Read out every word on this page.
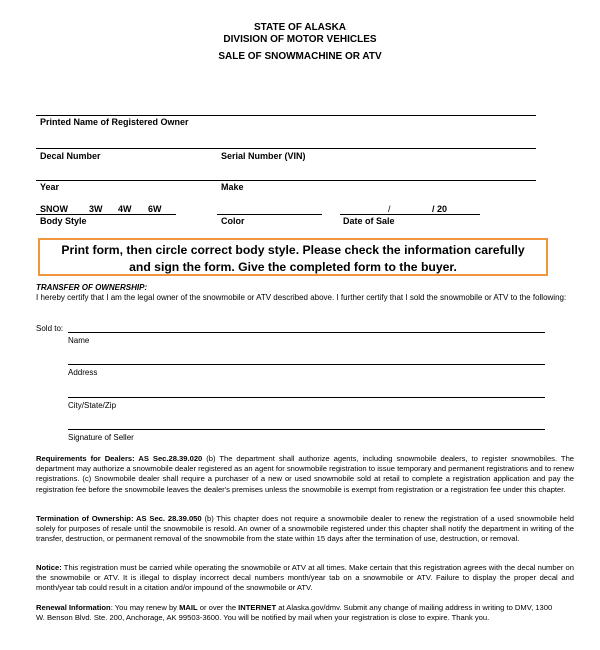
STATE OF ALASKA
DIVISION OF MOTOR VEHICLES
SALE OF SNOWMACHINE OR ATV
Printed Name of Registered Owner
Decal Number	Serial Number (VIN)
Year	Make
SNOW 3W 4W 6W	/	/ 20
Body Style	Color	Date of Sale
Print form, then circle correct body style. Please check the information carefully
and sign the form. Give the completed form to the buyer.
TRANSFER OF OWNERSHIP:
I hereby certify that I am the legal owner of the snowmobile or ATV described above. I further certify that I sold the snowmobile or ATV to the following:
Sold to:
Name
Address
City/State/Zip
Signature of Seller

Requirements for Dealers: AS Sec.28.39.020 (b) The department shall authorize agents, including snowmobile dealers, to register snowmobiles. The department may authorize a snowmobile dealer registered as an agent for snowmobile registration to issue temporary and permanent registrations and to renew registrations. (c) Snowmobile dealer shall require a purchaser of a new or used snowmobile sold at retail to complete a registration application and pay the registration fee before the snowmobile leaves the dealer's premises unless the snowmobile is exempt from registration or a registration fee under this chapter.

Termination of Ownership: AS Sec. 28.39.050 (b) This chapter does not require a snowmobile dealer to renew the registration of a used snowmobile held solely for purposes of resale until the snowmobile is resold. An owner of a snowmobile registered under this chapter shall notify the department in writing of the transfer, destruction, or permanent removal of the snowmobile from the state within 15 days after the termination of use, destruction, or removal.

Notice: This registration must be carried while operating the snowmobile or ATV at all times. Make certain that this registration agrees with the decal number on the snowmobile or ATV. It is illegal to display incorrect decal numbers month/year tab on a snowmobile or ATV. Failure to display the proper decal and month/year tab could result in a citation and/or impound of the snowmobile or ATV.

Renewal Information: You may renew by MAIL or over the INTERNET at Alaska.gov/dmv. Submit any change of mailing address in writing to DMV, 1300 W. Benson Blvd. Ste. 200, Anchorage, AK 99503-3600. You will be notified by mail when your registration is close to expire. Thank you.
